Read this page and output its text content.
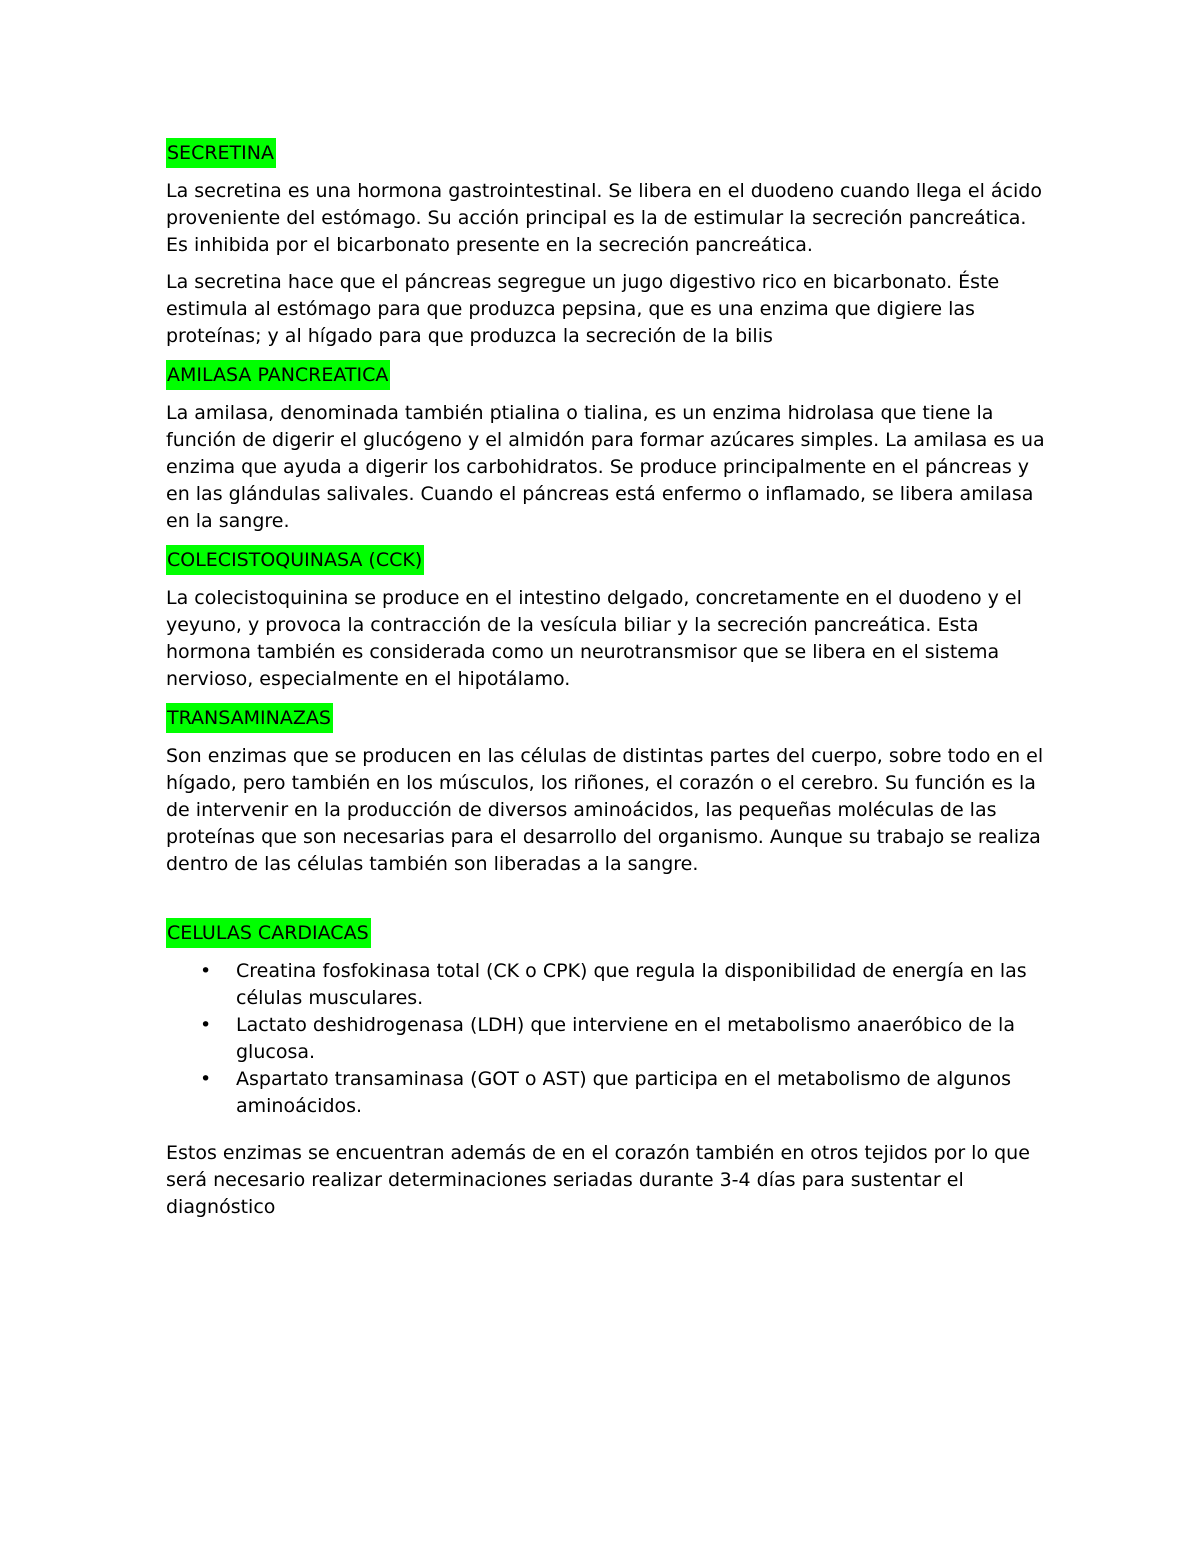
SECRETINA

La secretina es una hormona gastrointestinal. Se libera en el duodeno cuando llega el ácido proveniente del estómago. Su acción principal es la de estimular la secreción pancreática. Es inhibida por el bicarbonato presente en la secreción pancreática.

La secretina hace que el páncreas segregue un jugo digestivo rico en bicarbonato. Éste estimula al estómago para que produzca pepsina, que es una enzima que digiere las proteínas; y al hígado para que produzca la secreción de la bilis

AMILASA PANCREATICA

La amilasa, denominada también ptialina o tialina, es un enzima hidrolasa que tiene la función de digerir el glucógeno y el almidón para formar azúcares simples. La amilasa es ua enzima que ayuda a digerir los carbohidratos. Se produce principalmente en el páncreas y en las glándulas salivales. Cuando el páncreas está enfermo o inflamado, se libera amilasa en la sangre.

COLECISTOQUINASA (CCK)

La colecistoquinina se produce en el intestino delgado, concretamente en el duodeno y el yeyuno, y provoca la contracción de la vesícula biliar y la secreción pancreática. Esta hormona también es considerada como un neurotransmisor que se libera en el sistema nervioso, especialmente en el hipotálamo.

TRANSAMINAZAS

Son enzimas que se producen en las células de distintas partes del cuerpo, sobre todo en el hígado, pero también en los músculos, los riñones, el corazón o el cerebro. Su función es la de intervenir en la producción de diversos aminoácidos, las pequeñas moléculas de las proteínas que son necesarias para el desarrollo del organismo. Aunque su trabajo se realiza dentro de las células también son liberadas a la sangre.

CELULAS CARDIACAS
• Creatina fosfokinasa total (CK o CPK) que regula la disponibilidad de energía en las células musculares.
• Lactato deshidrogenasa (LDH) que interviene en el metabolismo anaeróbico de la glucosa.
• Aspartato transaminasa (GOT o AST) que participa en el metabolismo de algunos aminoácidos.

Estos enzimas se encuentran además de en el corazón también en otros tejidos por lo que será necesario realizar determinaciones seriadas durante 3-4 días para sustentar el diagnóstico
